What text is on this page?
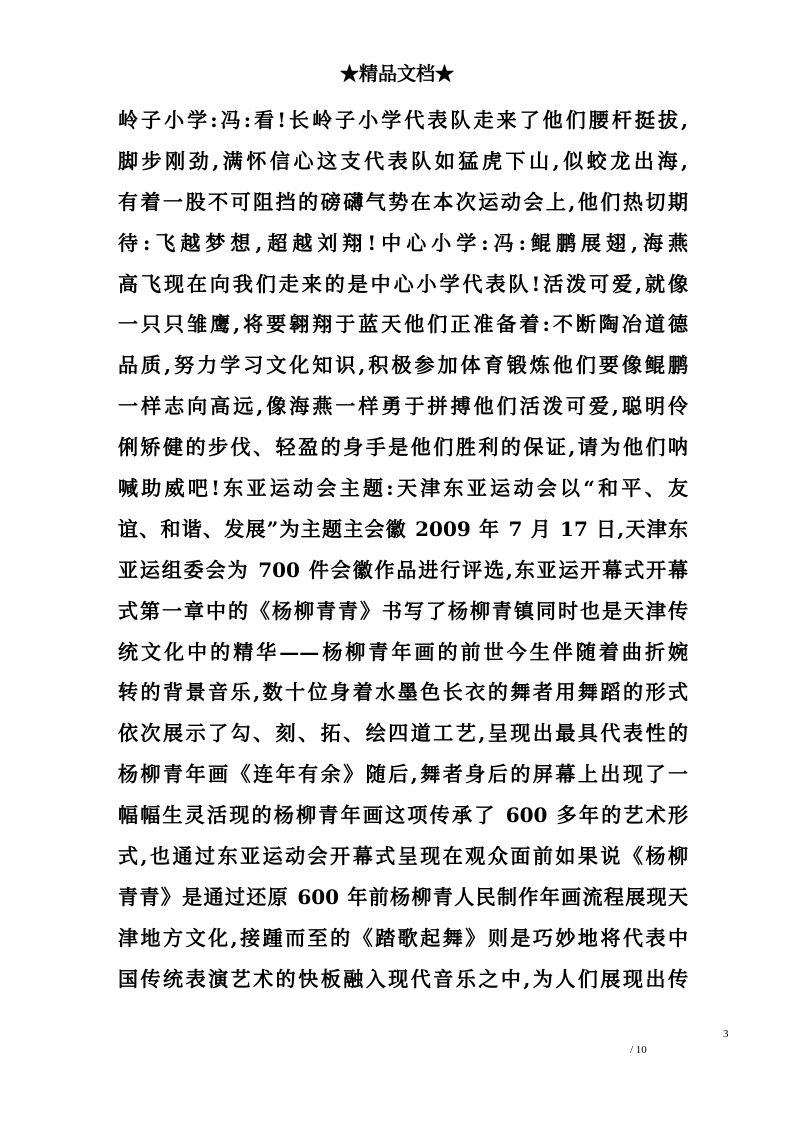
★精品文档★
岭子小学:冯:看!长岭子小学代表队走来了他们腰杆挺拔,
脚步刚劲,满怀信心这支代表队如猛虎下山,似蛟龙出海,
有着一股不可阻挡的磅礴气势在本次运动会上,他们热切期
待:飞越梦想,超越刘翔!中心小学:冯:鲲鹏展翅,海燕
高飞现在向我们走来的是中心小学代表队!活泼可爱,就像
一只只雏鹰,将要翱翔于蓝天他们正准备着:不断陶冶道德
品质,努力学习文化知识,积极参加体育锻炼他们要像鲲鹏
一样志向高远,像海燕一样勇于拼搏他们活泼可爱,聪明伶
俐矫健的步伐、轻盈的身手是他们胜利的保证,请为他们呐
喊助威吧!东亚运动会主题:天津东亚运动会以“和平、友
谊、和谐、发展”为主题主会徽 2009 年 7 月 17 日,天津东
亚运组委会为 700 件会徽作品进行评选,东亚运开幕式开幕
式第一章中的《杨柳青青》书写了杨柳青镇同时也是天津传
统文化中的精华——杨柳青年画的前世今生伴随着曲折婉
转的背景音乐,数十位身着水墨色长衣的舞者用舞蹈的形式
依次展示了勾、刻、拓、绘四道工艺,呈现出最具代表性的
杨柳青年画《连年有余》随后,舞者身后的屏幕上出现了一
幅幅生灵活现的杨柳青年画这项传承了 600 多年的艺术形
式,也通过东亚运动会开幕式呈现在观众面前如果说《杨柳
青青》是通过还原 600 年前杨柳青人民制作年画流程展现天
津地方文化,接踵而至的《踏歌起舞》则是巧妙地将代表中
国传统表演艺术的快板融入现代音乐之中,为人们展现出传
3
/ 10
